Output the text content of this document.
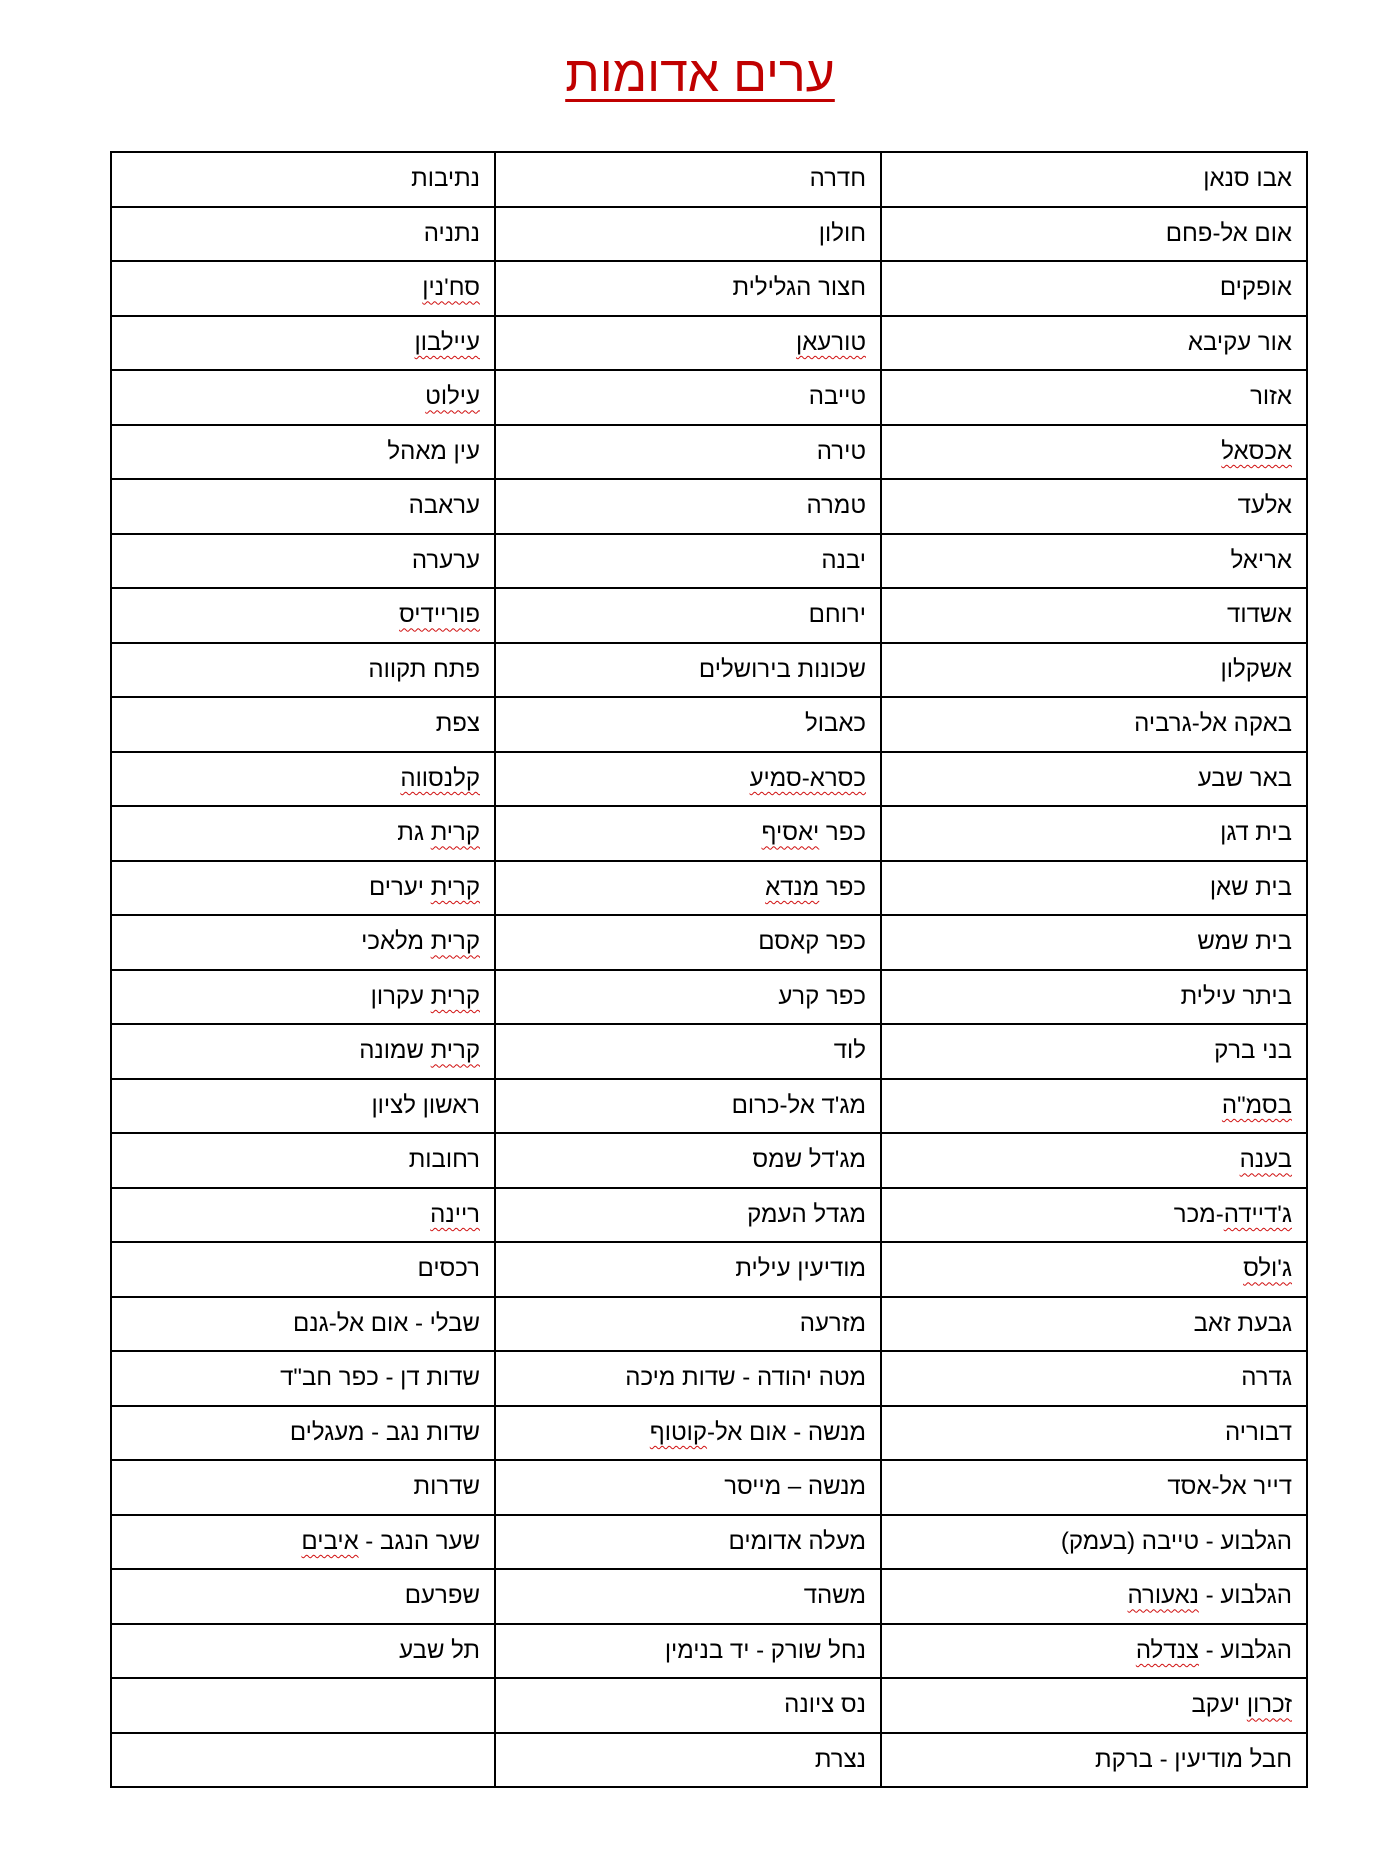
ערים אדומות
אבו סנאן	חדרה	נתיבות
אום אל-פחם	חולון	נתניה
אופקים	חצור הגלילית	סח'נין
אור עקיבא	טורעאן	עיילבון
אזור	טייבה	עילוט
אכסאל	טירה	עין מאהל
אלעד	טמרה	עראבה
אריאל	יבנה	ערערה
אשדוד	ירוחם	פוריידיס
אשקלון	שכונות בירושלים	פתח תקווה
באקה אל-גרביה	כאבול	צפת
באר שבע	כסרא-סמיע	קלנסווה
בית דגן	כפר יאסיף	קרית גת
בית שאן	כפר מנדא	קרית יערים
בית שמש	כפר קאסם	קרית מלאכי
ביתר עילית	כפר קרע	קרית עקרון
בני ברק	לוד	קרית שמונה
בסמ"ה	מג'ד אל-כרום	ראשון לציון
בענה	מג'דל שמס	רחובות
ג'דיידה-מכר	מגדל העמק	ריינה
ג'ולס	מודיעין עילית	רכסים
גבעת זאב	מזרעה	שבלי - אום אל-גנם
גדרה	מטה יהודה - שדות מיכה	שדות דן - כפר חב"ד
דבוריה	מנשה - אום אל-קוטוף	שדות נגב - מעגלים
דייר אל-אסד	מנשה – מייסר	שדרות
הגלבוע - טייבה (בעמק)	מעלה אדומים	שער הנגב - איבים
הגלבוע - נאעורה	משהד	שפרעם
הגלבוע - צנדלה	נחל שורק - יד בנימין	תל שבע
זכרון יעקב	נס ציונה	
חבל מודיעין - ברקת	נצרת	
